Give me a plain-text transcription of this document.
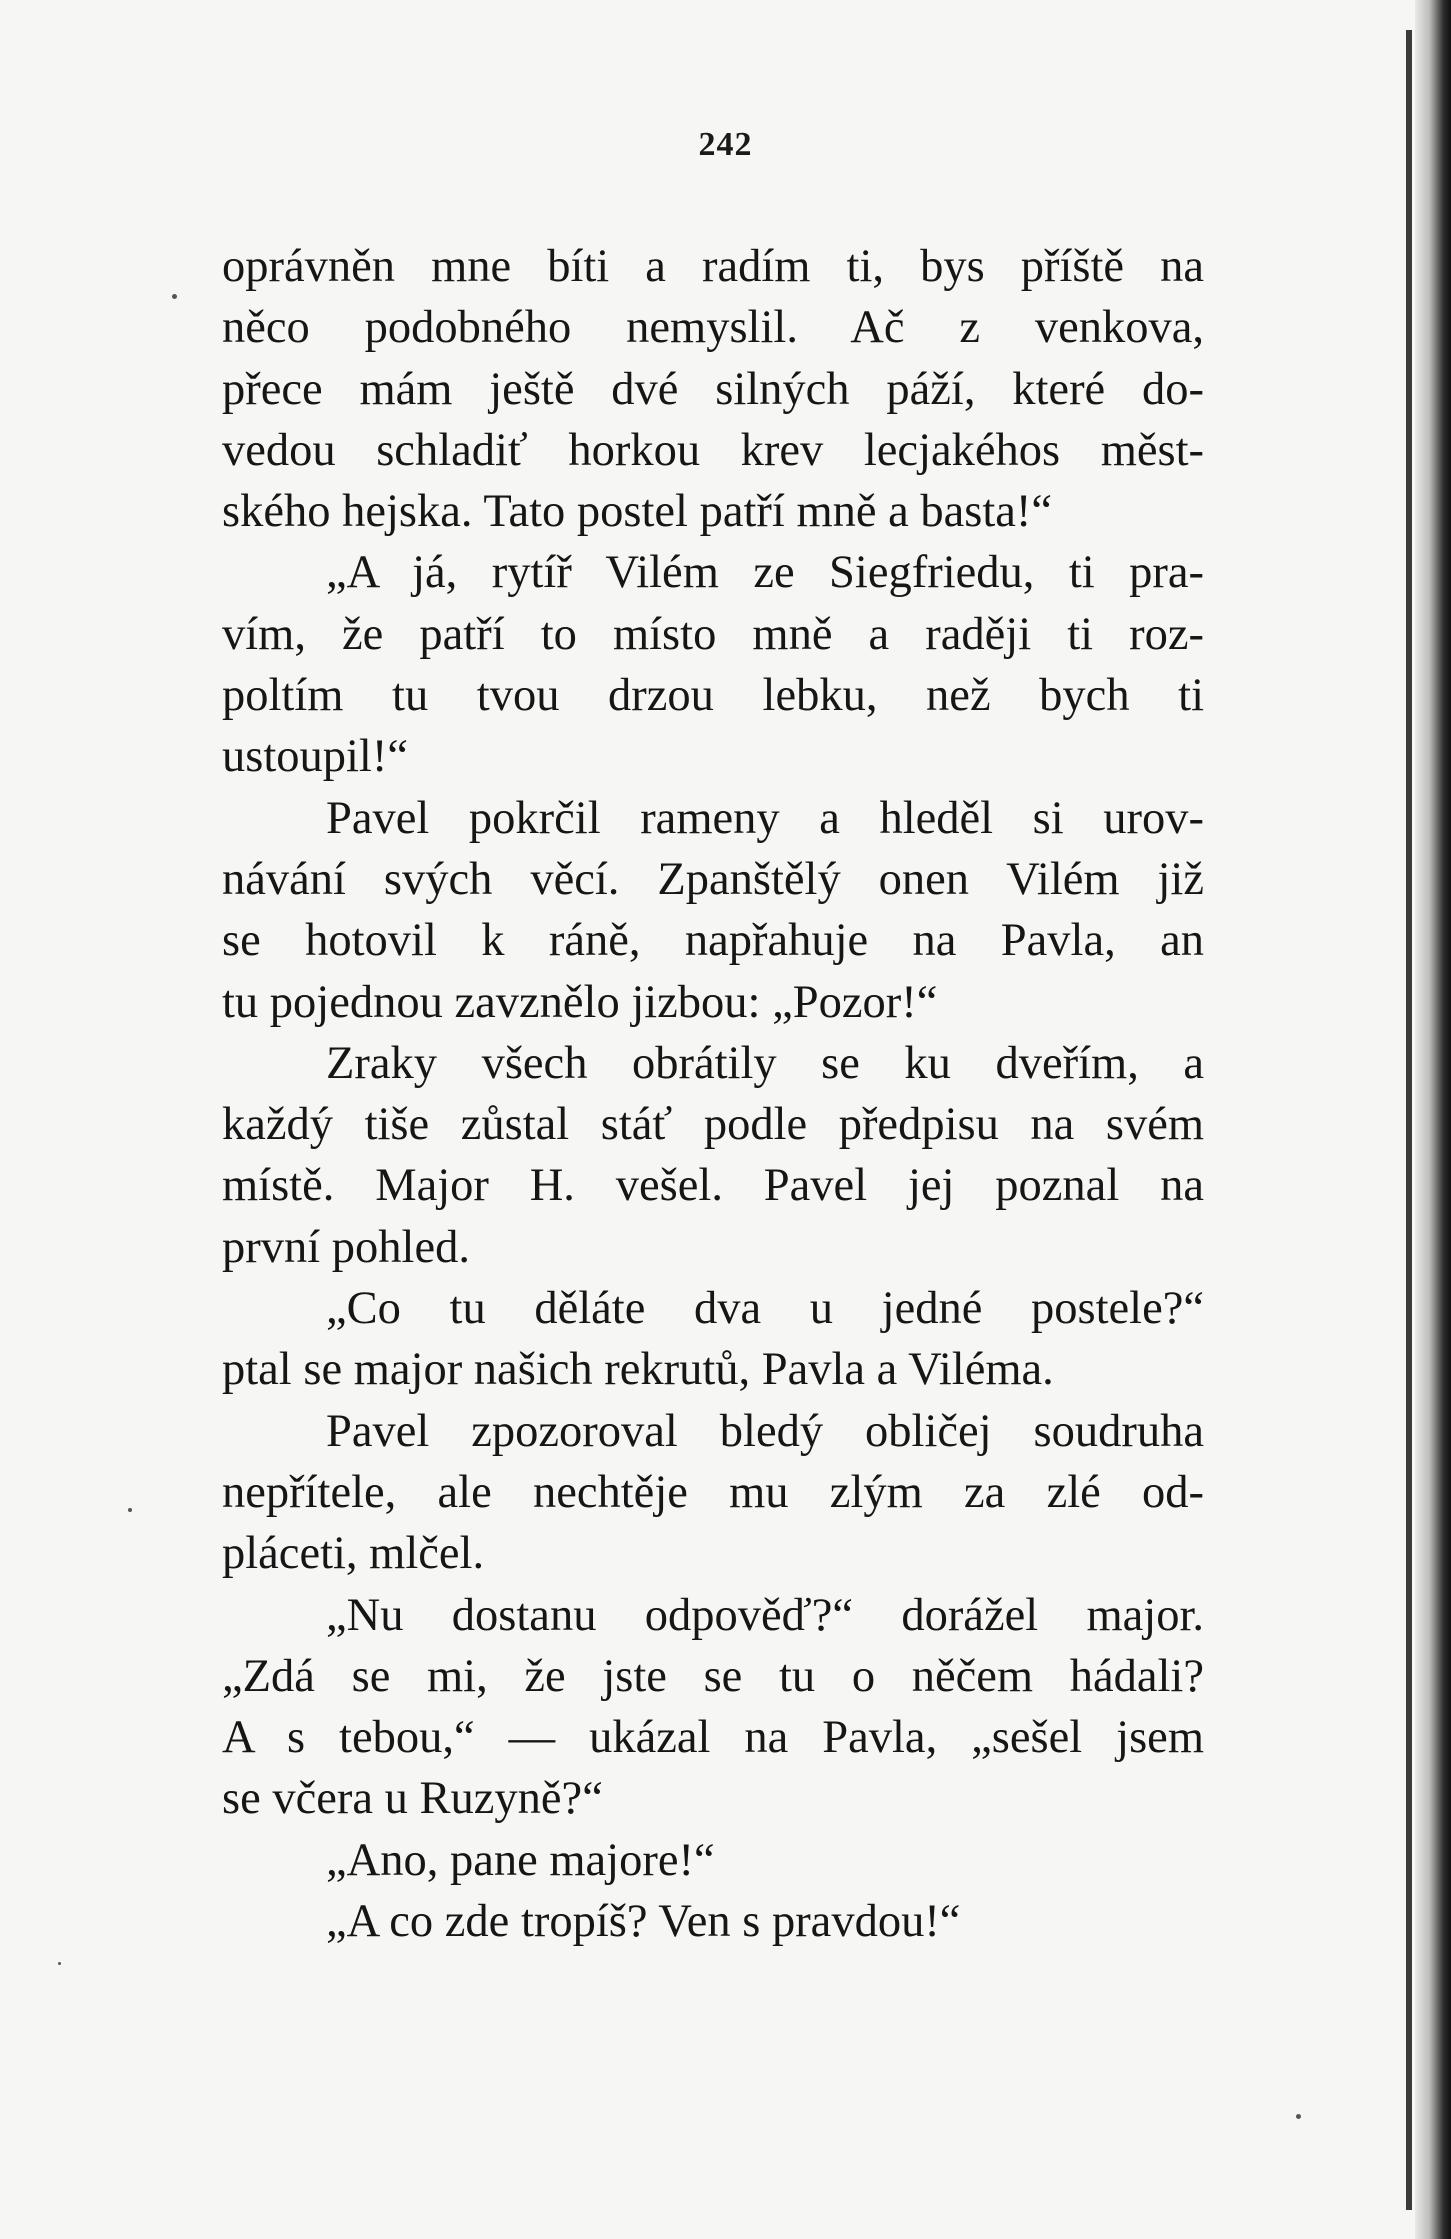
242
oprávněn mne bíti a radím ti, bys příště na
něco podobného nemyslil. Ač z venkova,
přece mám ještě dvé silných páží, které do-
vedou schladiť horkou krev lecjakéhos měst-
ského hejska. Tato postel patří mně a basta!“
„A já, rytíř Vilém ze Siegfriedu, ti pra-
vím, že patří to místo mně a raději ti roz-
poltím tu tvou drzou lebku, než bych ti
ustoupil!“
Pavel pokrčil rameny a hleděl si urov-
návání svých věcí. Zpanštělý onen Vilém již
se hotovil k ráně, napřahuje na Pavla, an
tu pojednou zavznělo jizbou: „Pozor!“
Zraky všech obrátily se ku dveřím, a
každý tiše zůstal stáť podle předpisu na svém
místě. Major H. vešel. Pavel jej poznal na
první pohled.
„Co tu děláte dva u jedné postele?“
ptal se major našich rekrutů, Pavla a Viléma.
Pavel zpozoroval bledý obličej soudruha
nepřítele, ale nechtěje mu zlým za zlé od-
pláceti, mlčel.
„Nu dostanu odpověď?“ dorážel major.
„Zdá se mi, že jste se tu o něčem hádali?
A s tebou,“ — ukázal na Pavla, „sešel jsem
se včera u Ruzyně?“
„Ano, pane majore!“
„A co zde tropíš? Ven s pravdou!“
